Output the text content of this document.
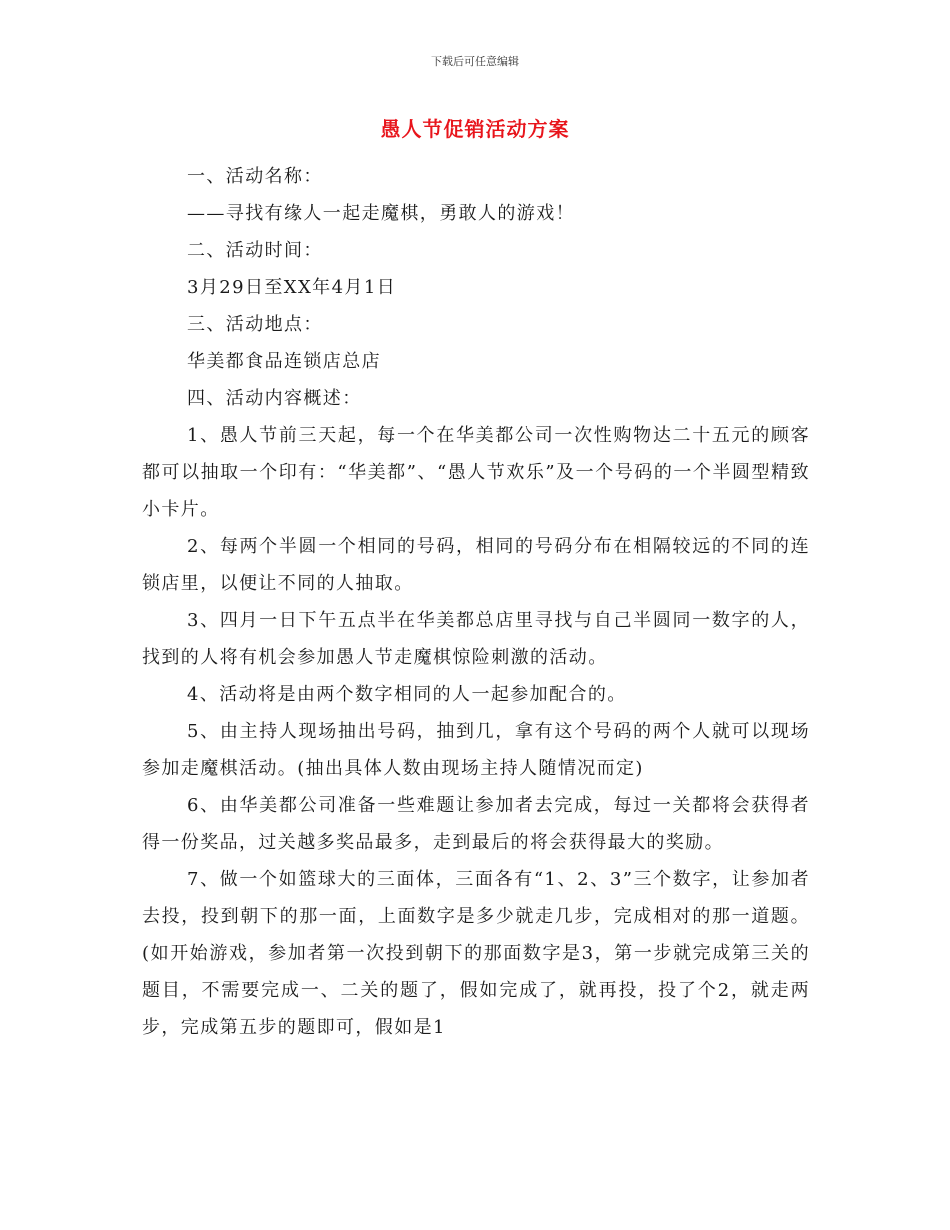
下载后可任意编辑
愚人节促销活动方案

一、活动名称：

——寻找有缘人一起走魔棋，勇敢人的游戏！

二、活动时间：

3月29日至XX年4月1日

三、活动地点：

华美都食品连锁店总店

四、活动内容概述：

1、愚人节前三天起，每一个在华美都公司一次性购物达二十五元的顾客都可以抽取一个印有：“华美都”、“愚人节欢乐”及一个号码的一个半圆型精致小卡片。

2、每两个半圆一个相同的号码，相同的号码分布在相隔较远的不同的连锁店里，以便让不同的人抽取。

3、四月一日下午五点半在华美都总店里寻找与自己半圆同一数字的人，找到的人将有机会参加愚人节走魔棋惊险刺激的活动。

4、活动将是由两个数字相同的人一起参加配合的。

5、由主持人现场抽出号码，抽到几，拿有这个号码的两个人就可以现场参加走魔棋活动。(抽出具体人数由现场主持人随情况而定)

6、由华美都公司准备一些难题让参加者去完成，每过一关都将会获得者得一份奖品，过关越多奖品最多，走到最后的将会获得最大的奖励。

7、做一个如篮球大的三面体，三面各有“1、2、3”三个数字，让参加者去投，投到朝下的那一面，上面数字是多少就走几步，完成相对的那一道题。(如开始游戏，参加者第一次投到朝下的那面数字是3，第一步就完成第三关的题目，不需要完成一、二关的题了，假如完成了，就再投，投了个2，就走两步，完成第五步的题即可，假如是1
